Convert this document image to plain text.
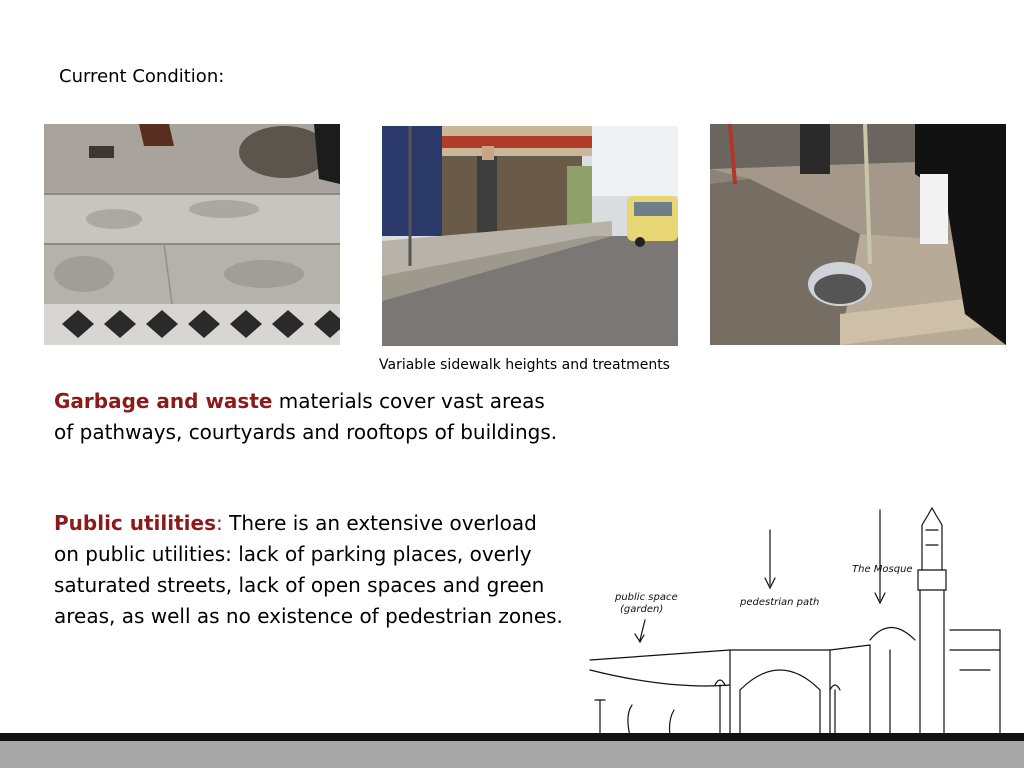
Current Condition:
Variable sidewalk heights and treatments
Garbage and waste materials cover vast areas of pathways, courtyards and rooftops of buildings.
Public utilities: There is an extensive overload on public utilities: lack of parking places, overly saturated streets, lack of open spaces and green areas, as well as no existence of pedestrian zones.
public space
(garden)
pedestrian path
The Mosque
